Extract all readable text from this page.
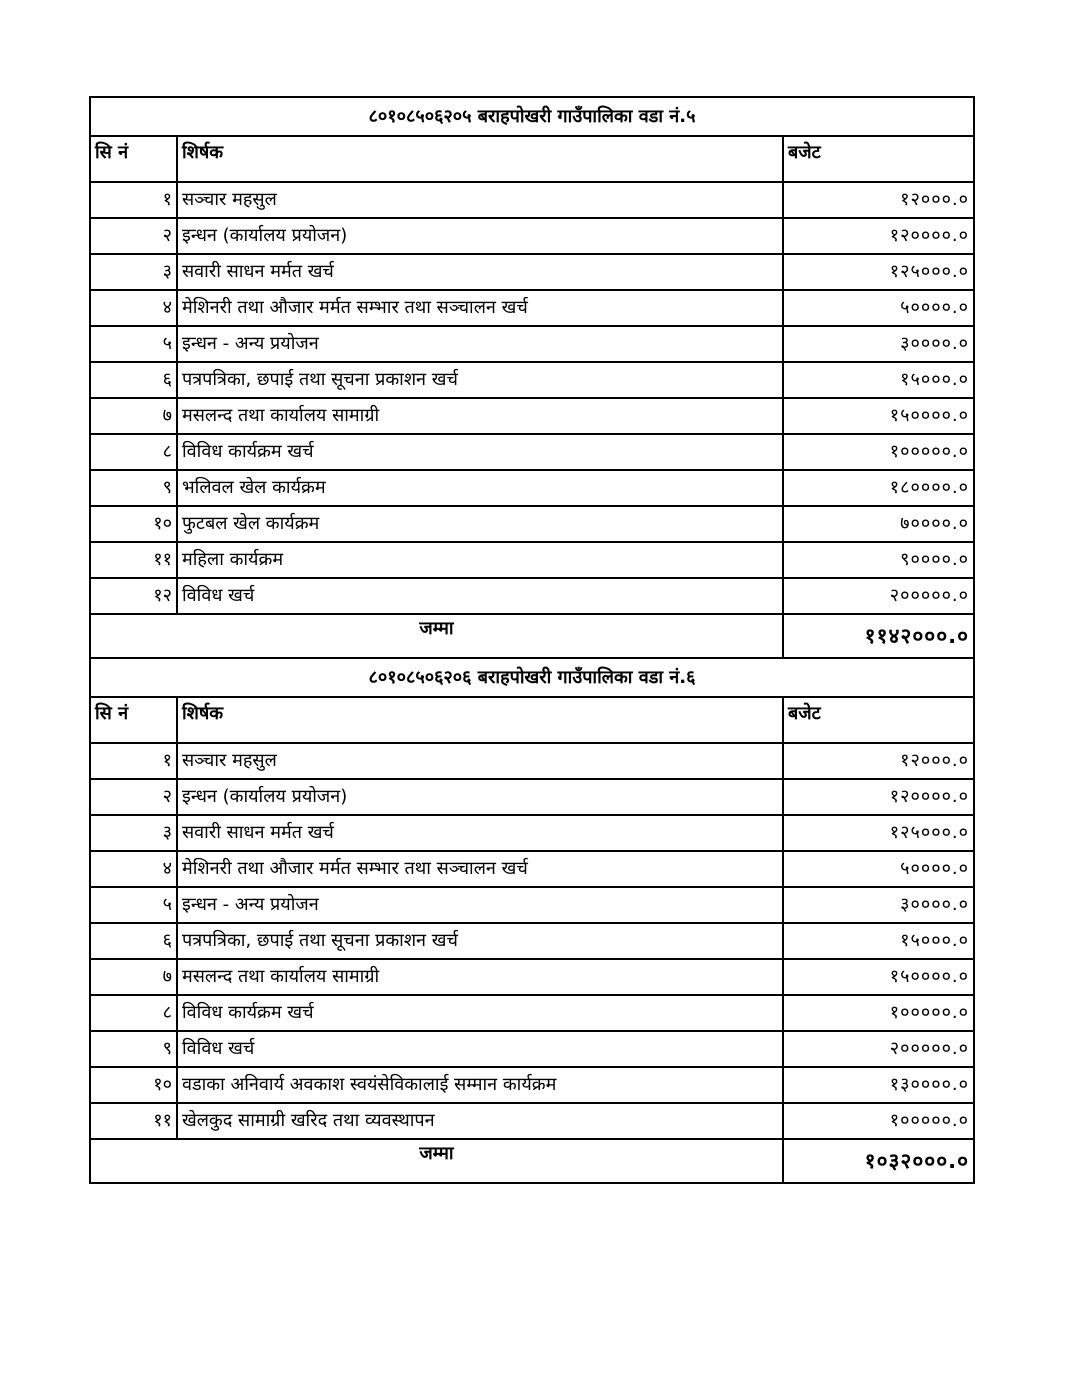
८०१०८५०६२०५ बराहपोखरी गाउँपालिका वडा नं.५		
सि नं	शिर्षक	बजेट
१	सञ्चार महसुल	१२०००.०
२	इन्धन (कार्यालय प्रयोजन)	१२००००.०
३	सवारी साधन मर्मत खर्च	१२५०००.०
४	मेशिनरी तथा औजार मर्मत सम्भार तथा सञ्चालन खर्च	५००००.०
५	इन्धन - अन्य प्रयोजन	३००००.०
६	पत्रपत्रिका, छपाई तथा सूचना प्रकाशन खर्च	१५०००.०
७	मसलन्द तथा कार्यालय सामाग्री	१५००००.०
८	विविध कार्यक्रम खर्च	१०००००.०
९	भलिवल खेल कार्यक्रम	१८००००.०
१०	फुटबल खेल कार्यक्रम	७००००.०
११	महिला कार्यक्रम	९००००.०
१२	विविध खर्च	२०००००.०
जम्मा		११४२०००.०
८०१०८५०६२०६ बराहपोखरी गाउँपालिका वडा नं.६		
सि नं	शिर्षक	बजेट
१	सञ्चार महसुल	१२०००.०
२	इन्धन (कार्यालय प्रयोजन)	१२००००.०
३	सवारी साधन मर्मत खर्च	१२५०००.०
४	मेशिनरी तथा औजार मर्मत सम्भार तथा सञ्चालन खर्च	५००००.०
५	इन्धन - अन्य प्रयोजन	३००००.०
६	पत्रपत्रिका, छपाई तथा सूचना प्रकाशन खर्च	१५०००.०
७	मसलन्द तथा कार्यालय सामाग्री	१५००००.०
८	विविध कार्यक्रम खर्च	१०००००.०
९	विविध खर्च	२०००००.०
१०	वडाका अनिवार्य अवकाश स्वयंसेविकालाई सम्मान कार्यक्रम	१३००००.०
११	खेलकुद सामाग्री खरिद तथा व्यवस्थापन	१०००००.०
जम्मा		१०३२०००.०
